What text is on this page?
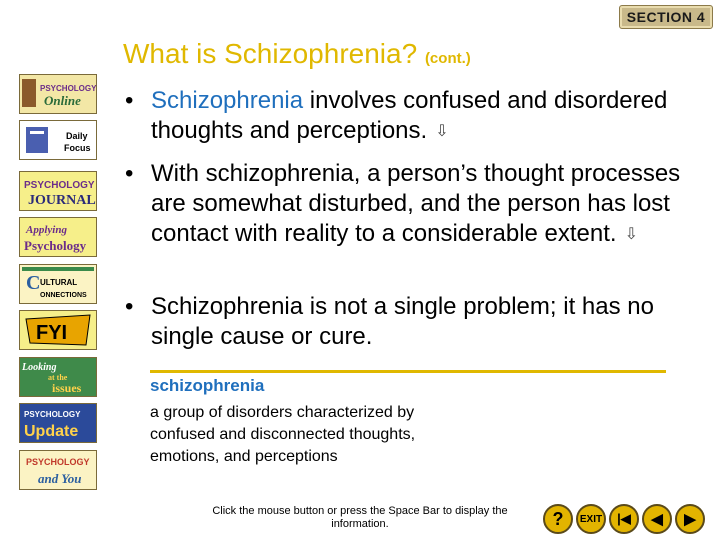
SECTION 4
What is Schizophrenia? (cont.)
PSYCHOLOGY
Online
Daily
Focus
PSYCHOLOGY
JOURNAL
Applying
Psychology
C ULTURAL
ONNECTIONS
FYI
Looking
at the
issues
PSYCHOLOGY
Update
PSYCHOLOGY
and You
• Schizophrenia involves confused and disordered thoughts and perceptions. ⇩
• With schizophrenia, a person’s thought processes are somewhat disturbed, and the person has lost contact with reality to a considerable extent. ⇩
• Schizophrenia is not a single problem; it has no single cause or cure.
schizophrenia
a group of disorders characterized by confused and disconnected thoughts, emotions, and perceptions
Click the mouse button or press the Space Bar to display the information.	? EXIT |◀ ◀ ▶
